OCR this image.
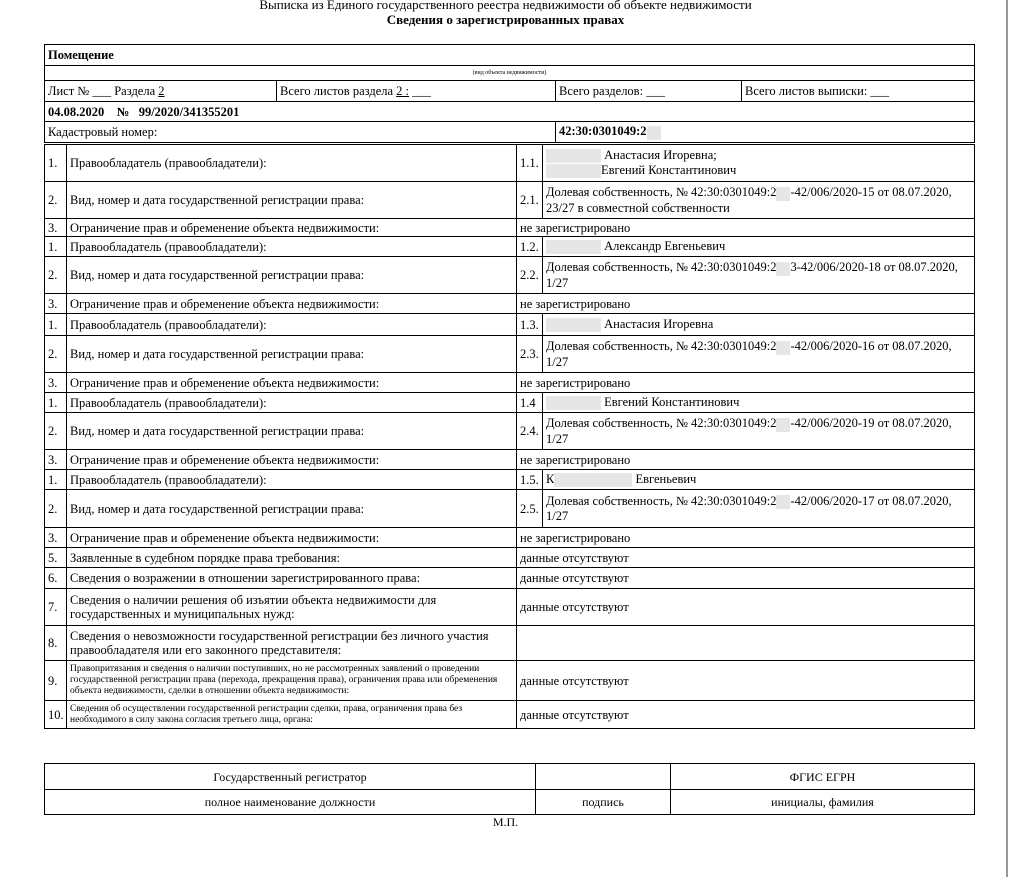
Выписка из Единого государственного реестра недвижимости об объекте недвижимости
Сведения о зарегистрированных правах
Помещение			
(вид объекта недвижимости)			
Лист № ___ Раздела 2	Всего листов раздела 2 : ___	Всего разделов: ___	Всего листов выписки: ___
04.08.2020 № 99/2020/341355201			
Кадастровый номер:		42:30:0301049:2	
1.	Правообладатель (правообладатели):	1.1.	Анастасия Игоревна;
Евгений Константинович
2.	Вид, номер и дата государственной регистрации права:	2.1.	Долевая собственность, № 42:30:0301049:2 -42/006/2020-15 от 08.07.2020,
23/27 в совместной собственности
3.	Ограничение прав и обременение объекта недвижимости:	не зарегистрировано	
1.	Правообладатель (правообладатели):	1.2.	Александр Евгеньевич
2.	Вид, номер и дата государственной регистрации права:	2.2.	Долевая собственность, № 42:30:0301049:2 3-42/006/2020-18 от 08.07.2020,
1/27
3.	Ограничение прав и обременение объекта недвижимости:	не зарегистрировано	
1.	Правообладатель (правообладатели):	1.3.	Анастасия Игоревна
2.	Вид, номер и дата государственной регистрации права:	2.3.	Долевая собственность, № 42:30:0301049:2 -42/006/2020-16 от 08.07.2020,
1/27
3.	Ограничение прав и обременение объекта недвижимости:	не зарегистрировано	
1.	Правообладатель (правообладатели):	1.4	Евгений Константинович
2.	Вид, номер и дата государственной регистрации права:	2.4.	Долевая собственность, № 42:30:0301049:2 -42/006/2020-19 от 08.07.2020,
1/27
3.	Ограничение прав и обременение объекта недвижимости:	не зарегистрировано	
1.	Правообладатель (правообладатели):	1.5.	К Евгеньевич
2.	Вид, номер и дата государственной регистрации права:	2.5.	Долевая собственность, № 42:30:0301049:2 -42/006/2020-17 от 08.07.2020,
1/27
3.	Ограничение прав и обременение объекта недвижимости:	не зарегистрировано	
5.	Заявленные в судебном порядке права требования:	данные отсутствуют	
6.	Сведения о возражении в отношении зарегистрированного права:	данные отсутствуют	
7.	Сведения о наличии решения об изъятии объекта недвижимости для государственных и муниципальных нужд:	данные отсутствуют	
8.	Сведения о невозможности государственной регистрации без личного участия правообладателя или его законного представителя:		
9.	Правопритязания и сведения о наличии поступивших, но не рассмотренных заявлений о проведении государственной регистрации права (перехода, прекращения права), ограничения права или обременения объекта недвижимости, сделки в отношении объекта недвижимости:	данные отсутствуют	
10.	Сведения об осуществлении государственной регистрации сделки, права, ограничения права без необходимого в силу закона согласия третьего лица, органа:	данные отсутствуют	
Государственный регистратор		ФГИС ЕГРН
полное наименование должности	подпись	инициалы, фамилия
М.П.
